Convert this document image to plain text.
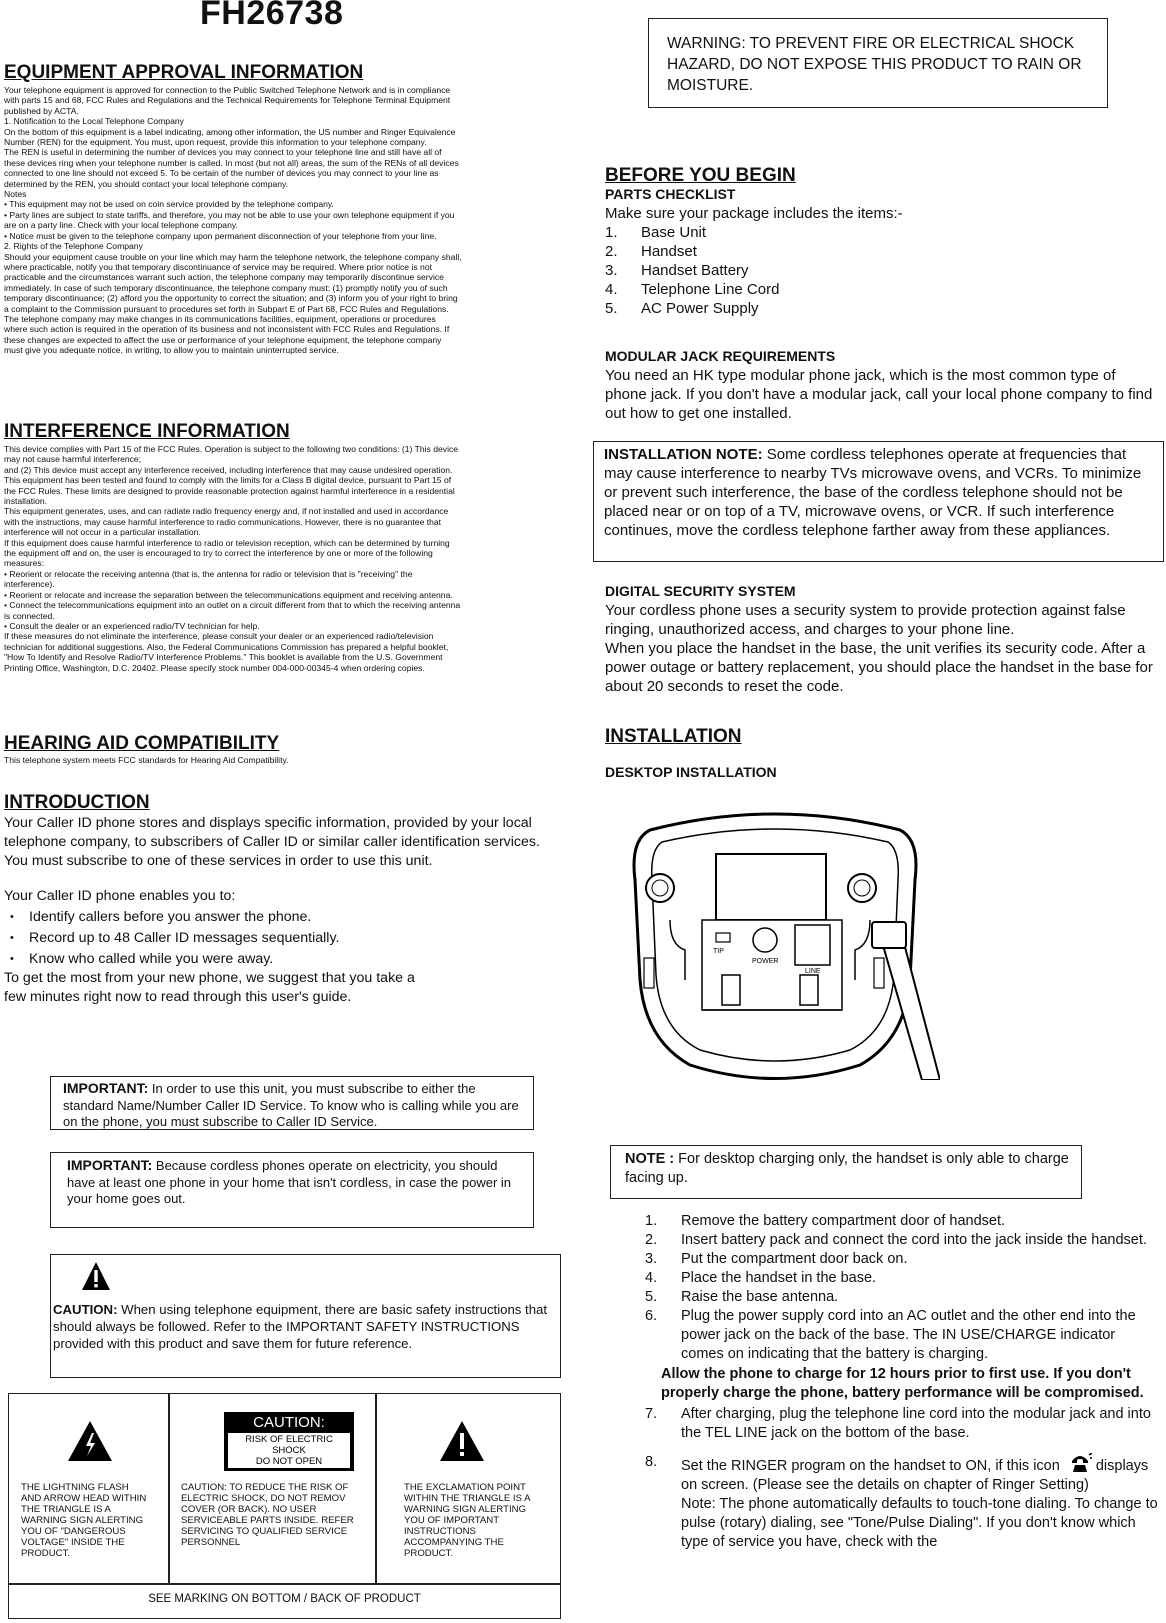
FH26738
EQUIPMENT APPROVAL INFORMATION
Your telephone equipment is approved for connection to the Public Switched Telephone Network and is in compliance
with parts 15 and 68, FCC Rules and Regulations and the Technical Requirements for Telephone Terminal Equipment
published by ACTA.
1. Notification to the Local Telephone Company
On the bottom of this equipment is a label indicating, among other information, the US number and Ringer Equivalence
Number (REN) for the equipment. You must, upon request, provide this information to your telephone company.
The REN is useful in determining the number of devices you may connect to your telephone line and still have all of
these devices ring when your telephone number is called. In most (but not all) areas, the sum of the RENs of all devices
connected to one line should not exceed 5. To be certain of the number of devices you may connect to your line as
determined by the REN, you should contact your local telephone company.
Notes
• This equipment may not be used on coin service provided by the telephone company.
• Party lines are subject to state tariffs, and therefore, you may not be able to use your own telephone equipment if you
are on a party line. Check with your local telephone company.
• Notice must be given to the telephone company upon permanent disconnection of your telephone from your line.
2. Rights of the Telephone Company
Should your equipment cause trouble on your line which may harm the telephone network, the telephone company shall,
where practicable, notify you that temporary discontinuance of service may be required. Where prior notice is not
practicable and the circumstances warrant such action, the telephone company may temporarily discontinue service
immediately. In case of such temporary discontinuance, the telephone company must: (1) promptly notify you of such
temporary discontinuance; (2) afford you the opportunity to correct the situation; and (3) inform you of your right to bring
a complaint to the Commission pursuant to procedures set forth in Subpart E of Part 68, FCC Rules and Regulations.
The telephone company may make changes in its communications facilities, equipment, operations or procedures
where such action is required in the operation of its business and not inconsistent with FCC Rules and Regulations. If
these changes are expected to affect the use or performance of your telephone equipment, the telephone company
must give you adequate notice, in writing, to allow you to maintain uninterrupted service.
INTERFERENCE INFORMATION
This device complies with Part 15 of the FCC Rules. Operation is subject to the following two conditions: (1) This device
may not cause harmful interference;
and (2) This device must accept any interference received, including interference that may cause undesired operation.
This equipment has been tested and found to comply with the limits for a Class B digital device, pursuant to Part 15 of
the FCC Rules. These limits are designed to provide reasonable protection against harmful interference in a residential
installation.
This equipment generates, uses, and can radiate radio frequency energy and, if not installed and used in accordance
with the instructions, may cause harmful interference to radio communications. However, there is no guarantee that
interference will not occur in a particular installation.
If this equipment does cause harmful interference to radio or television reception, which can be determined by turning
the equipment off and on, the user is encouraged to try to correct the interference by one or more of the following
measures:
• Reorient or relocate the receiving antenna (that is, the antenna for radio or television that is "receiving" the
interference).
• Reorient or relocate and increase the separation between the telecommunications equipment and receiving antenna.
• Connect the telecommunications equipment into an outlet on a circuit different from that to which the receiving antenna
is connected.
• Consult the dealer or an experienced radio/TV technician for help.
If these measures do not eliminate the interference, please consult your dealer or an experienced radio/television
technician for additional suggestions. Also, the Federal Communications Commission has prepared a helpful booklet,
"How To Identify and Resolve Radio/TV Interference Problems." This booklet is available from the U.S. Government
Printing Office, Washington, D.C. 20402. Please specify stock number 004-000-00345-4 when ordering copies.
HEARING AID COMPATIBILITY
This telephone system meets FCC standards for Hearing Aid Compatibility.
INTRODUCTION
Your Caller ID phone stores and displays specific information, provided by your local telephone company, to subscribers of Caller ID or similar caller identification services. You must subscribe to one of these services in order to use this unit.
Your Caller ID phone enables you to:
• Identify callers before you answer the phone.
• Record up to 48 Caller ID messages sequentially.
• Know who called while you were away.
To get the most from your new phone, we suggest that you take a few minutes right now to read through this user's guide.
IMPORTANT: In order to use this unit, you must subscribe to either the standard Name/Number Caller ID Service. To know who is calling while you are on the phone, you must subscribe to Caller ID Service.
IMPORTANT: Because cordless phones operate on electricity, you should have at least one phone in your home that isn't cordless, in case the power in your home goes out.
CAUTION: When using telephone equipment, there are basic safety instructions that should always be followed. Refer to the IMPORTANT SAFETY INSTRUCTIONS provided with this product and save them for future reference.
THE LIGHTNING FLASH AND ARROW HEAD WITHIN THE TRIANGLE IS A WARNING SIGN ALERTING YOU OF "DANGEROUS VOLTAGE" INSIDE THE PRODUCT.
CAUTION:
RISK OF ELECTRIC SHOCK
DO NOT OPEN
CAUTION: TO REDUCE THE RISK OF ELECTRIC SHOCK, DO NOT REMOV COVER (OR BACK). NO USER SERVICEABLE PARTS INSIDE. REFER SERVICING TO QUALIFIED SERVICE PERSONNEL
THE EXCLAMATION POINT WITHIN THE TRIANGLE IS A WARNING SIGN ALERTING YOU OF IMPORTANT INSTRUCTIONS ACCOMPANYING THE PRODUCT.
SEE MARKING ON BOTTOM / BACK OF PRODUCT
WARNING: TO PREVENT FIRE OR ELECTRICAL SHOCK HAZARD, DO NOT EXPOSE THIS PRODUCT TO RAIN OR MOISTURE.
BEFORE YOU BEGIN
PARTS CHECKLIST
Make sure your package includes the items:-
1.	Base Unit
2.	Handset
3.	Handset Battery
4.	Telephone Line Cord
5.	AC Power Supply
MODULAR JACK REQUIREMENTS
You need an HK type modular phone jack, which is the most common type of phone jack. If you don't have a modular jack, call your local phone company to find out how to get one installed.
INSTALLATION NOTE: Some cordless telephones operate at frequencies that may cause interference to nearby TVs microwave ovens, and VCRs. To minimize or prevent such interference, the base of the cordless telephone should not be placed near or on top of a TV, microwave ovens, or VCR. If such interference continues, move the cordless telephone farther away from these appliances.
DIGITAL SECURITY SYSTEM
Your cordless phone uses a security system to provide protection against false ringing, unauthorized access, and charges to your phone line.
When you place the handset in the base, the unit verifies its security code. After a power outage or battery replacement, you should place the handset in the base for about 20 seconds to reset the code.
INSTALLATION
DESKTOP INSTALLATION
TIP
POWER
LINE
NOTE : For desktop charging only, the handset is only able to charge facing up.
1.	Remove the battery compartment door of handset.
2.	Insert battery pack and connect the cord into the jack inside the handset.
3.	Put the compartment door back on.
4.	Place the handset in the base.
5.	Raise the base antenna.
6.	Plug the power supply cord into an AC outlet and the other end into the power jack on the back of the base. The IN USE/CHARGE indicator comes on indicating that the battery is charging.
Allow the phone to charge for 12 hours prior to first use. If you don't properly charge the phone, battery performance will be compromised.
7.	After charging, plug the telephone line cord into the modular jack and into the TEL LINE jack on the bottom of the base.
8.	Set the RINGER program on the handset to ON, if this icon displays on screen. (Please see the details on chapter of Ringer Setting)
Note: The phone automatically defaults to touch-tone dialing. To change to pulse (rotary) dialing, see "Tone/Pulse Dialing". If you don't know which type of service you have, check with the
